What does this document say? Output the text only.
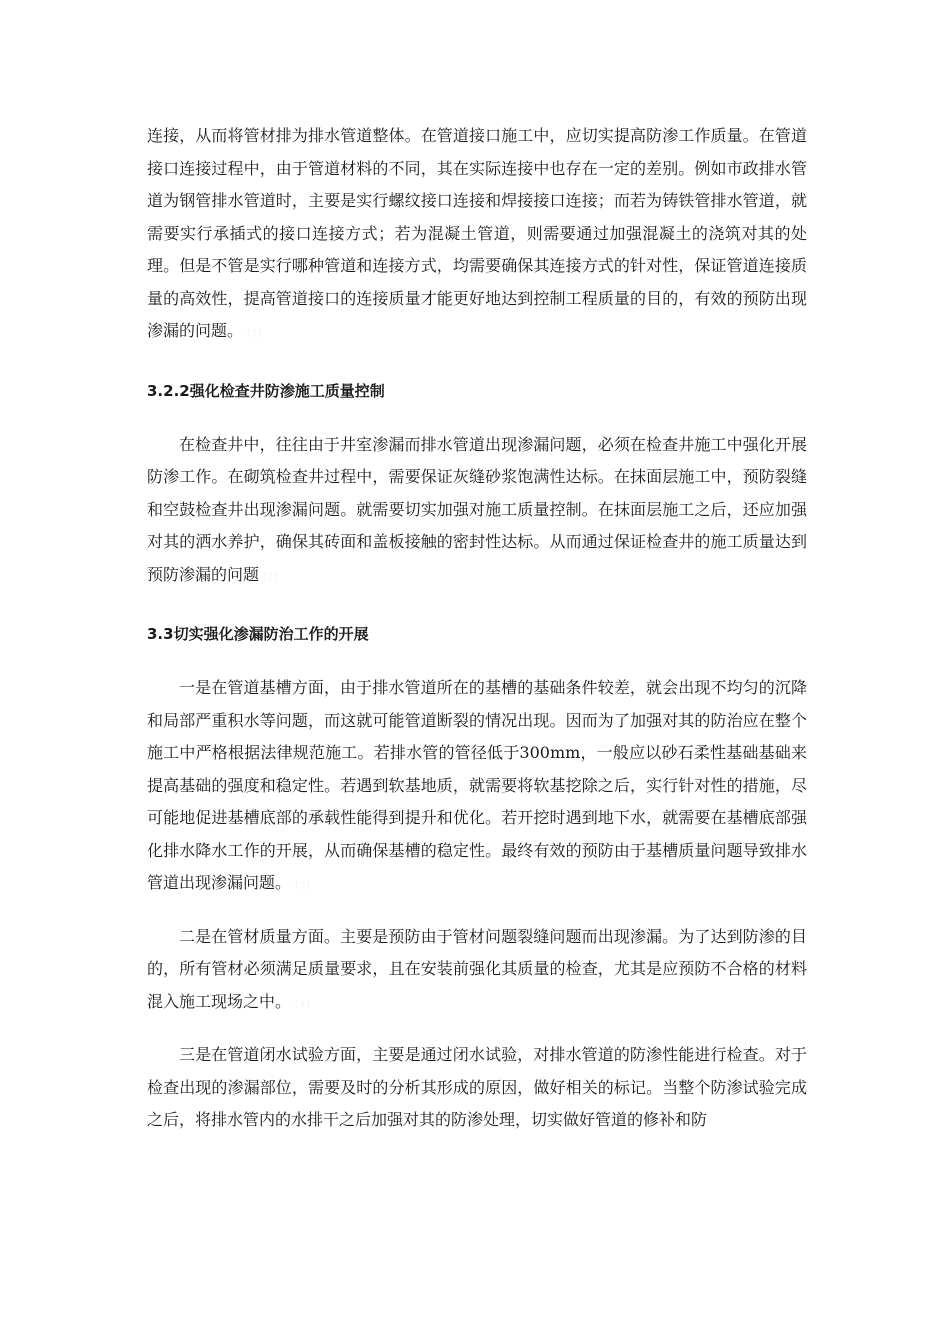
连接，从而将管材排为排水管道整体。在管道接口施工中，应切实提高防渗工作质量。在管道接口连接过程中，由于管道材料的不同，其在实际连接中也存在一定的差别。例如市政排水管道为钢管排水管道时，主要是实行螺纹接口连接和焊接接口连接；而若为铸铁管排水管道，就需要实行承插式的接口连接方式；若为混凝土管道，则需要通过加强混凝土的浇筑对其的处理。但是不管是实行哪种管道和连接方式，均需要确保其连接方式的针对性，保证管道连接质量的高效性，提高管道接口的连接质量才能更好地达到控制工程质量的目的，有效的预防出现渗漏的问题。 [1]

3.2.2强化检查井防渗施工质量控制

在检查井中，往往由于井室渗漏而排水管道出现渗漏问题，必须在检查井施工中强化开展防渗工作。在砌筑检查井过程中，需要保证灰缝砂浆饱满性达标。在抹面层施工中，预防裂缝和空鼓检查井出现渗漏问题。就需要切实加强对施工质量控制。在抹面层施工之后，还应加强对其的洒水养护，确保其砖面和盖板接触的密封性达标。从而通过保证检查井的施工质量达到预防渗漏的问题 [2]

3.3切实强化渗漏防治工作的开展

一是在管道基槽方面，由于排水管道所在的基槽的基础条件较差，就会出现不均匀的沉降和局部严重积水等问题，而这就可能管道断裂的情况出现。因而为了加强对其的防治应在整个施工中严格根据法律规范施工。若排水管的管径低于300mm，一般应以砂石柔性基础基础来提高基础的强度和稳定性。若遇到软基地质，就需要将软基挖除之后，实行针对性的措施，尽可能地促进基槽底部的承载性能得到提升和优化。若开挖时遇到地下水，就需要在基槽底部强化排水降水工作的开展，从而确保基槽的稳定性。最终有效的预防由于基槽质量问题导致排水管道出现渗漏问题。 [3]

二是在管材质量方面。主要是预防由于管材问题裂缝问题而出现渗漏。为了达到防渗的目的，所有管材必须满足质量要求，且在安装前强化其质量的检查，尤其是应预防不合格的材料混入施工现场之中。 [4]

三是在管道闭水试验方面，主要是通过闭水试验，对排水管道的防渗性能进行检查。对于检查出现的渗漏部位，需要及时的分析其形成的原因，做好相关的标记。当整个防渗试验完成之后，将排水管内的水排干之后加强对其的防渗处理，切实做好管道的修补和防
